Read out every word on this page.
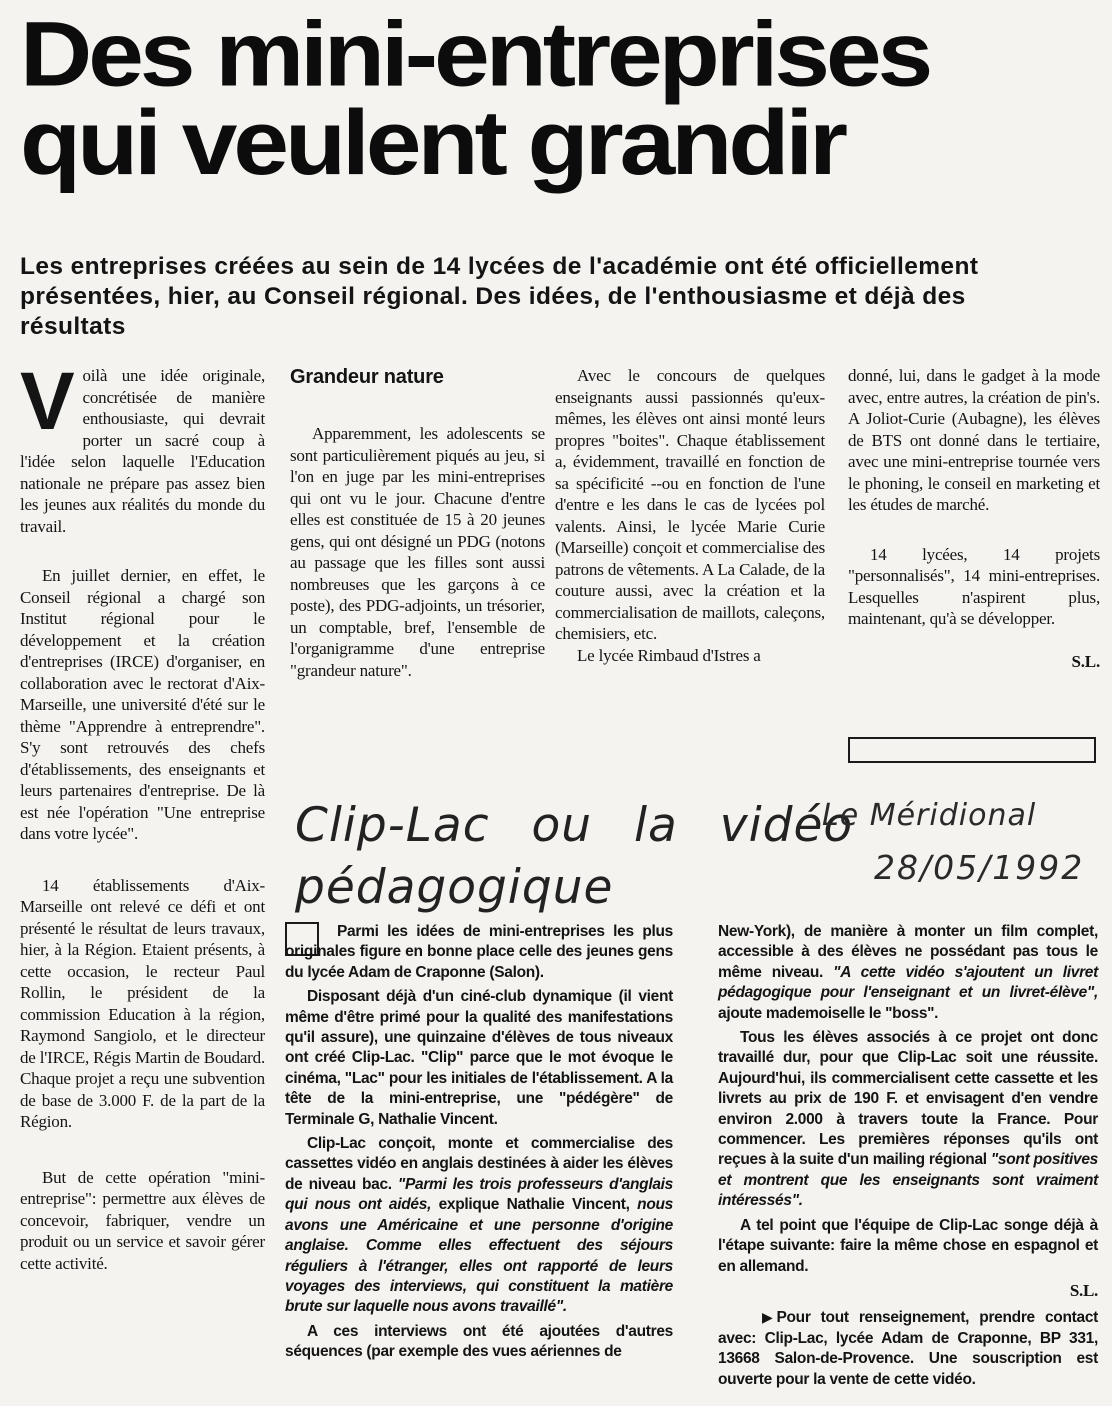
Des mini-entreprises
qui veulent grandir

Les entreprises créées au sein de 14 lycées de l'académie ont été officiellement présentées, hier, au Conseil régional. Des idées, de l'enthousiasme et déjà des résultats

Voilà une idée originale, concrétisée de manière enthousiaste, qui devrait porter un sacré coup à l'idée selon laquelle l'Education nationale ne prépare pas assez bien les jeunes aux réalités du monde du travail.

En juillet dernier, en effet, le Conseil régional a chargé son Institut régional pour le développement et la création d'entreprises (IRCE) d'organiser, en collaboration avec le rectorat d'Aix-Marseille, une université d'été sur le thème "Apprendre à entreprendre". S'y sont retrouvés des chefs d'établissements, des enseignants et leurs partenaires d'entreprise. De là est née l'opération "Une entreprise dans votre lycée".

14 établissements d'Aix-Marseille ont relevé ce défi et ont présenté le résultat de leurs travaux, hier, à la Région. Etaient présents, à cette occasion, le recteur Paul Rollin, le président de la commission Education à la région, Raymond Sangiolo, et le directeur de l'IRCE, Régis Martin de Boudard. Chaque projet a reçu une subvention de base de 3.000 F. de la part de la Région.

But de cette opération "mini-entreprise": permettre aux élèves de concevoir, fabriquer, vendre un produit ou un service et savoir gérer cette activité.

Grandeur nature

Apparemment, les adolescents se sont particulièrement piqués au jeu, si l'on en juge par les mini-entreprises qui ont vu le jour. Chacune d'entre elles est constituée de 15 à 20 jeunes gens, qui ont désigné un PDG (notons au passage que les filles sont aussi nombreuses que les garçons à ce poste), des PDG-adjoints, un trésorier, un comptable, bref, l'ensemble de l'organigramme d'une entreprise "grandeur nature".

Avec le concours de quelques enseignants aussi passionnés qu'eux-mêmes, les élèves ont ainsi monté leurs propres "boites". Chaque établissement a, évidemment, travaillé en fonction de sa spécificité --ou en fonction de l'une d'entre e les dans le cas de lycées pol valents. Ainsi, le lycée Marie Curie (Marseille) conçoit et commercialise des patrons de vêtements. A La Calade, de la couture aussi, avec la création et la commercialisation de maillots, caleçons, chemisiers, etc.

Le lycée Rimbaud d'Istres a

donné, lui, dans le gadget à la mode avec, entre autres, la création de pin's. A Joliot-Curie (Aubagne), les élèves de BTS ont donné dans le tertiaire, avec une mini-entreprise tournée vers le phoning, le conseil en marketing et les études de marché.

14 lycées, 14 projets "personnalisés", 14 mini-entreprises. Lesquelles n'aspirent plus, maintenant, qu'à se développer.

S.L.
Clip-Lac ou la vidéo
pédagogique
Le Méridional
28/05/1992

Parmi les idées de mini-entreprises les plus originales figure en bonne place celle des jeunes gens du lycée Adam de Craponne (Salon).

Disposant déjà d'un ciné-club dynamique (il vient même d'être primé pour la qualité des manifestations qu'il assure), une quinzaine d'élèves de tous niveaux ont créé Clip-Lac. "Clip" parce que le mot évoque le cinéma, "Lac" pour les initiales de l'établissement. A la tête de la mini-entreprise, une "pédégère" de Terminale G, Nathalie Vincent.

Clip-Lac conçoit, monte et commercialise des cassettes vidéo en anglais destinées à aider les élèves de niveau bac. "Parmi les trois professeurs d'anglais qui nous ont aidés, explique Nathalie Vincent, nous avons une Américaine et une personne d'origine anglaise. Comme elles effectuent des séjours réguliers à l'étranger, elles ont rapporté de leurs voyages des interviews, qui constituent la matière brute sur laquelle nous avons travaillé".

A ces interviews ont été ajoutées d'autres séquences (par exemple des vues aériennes de

New-York), de manière à monter un film complet, accessible à des élèves ne possédant pas tous le même niveau. "A cette vidéo s'ajoutent un livret pédagogique pour l'enseignant et un livret-élève", ajoute mademoiselle le "boss".

Tous les élèves associés à ce projet ont donc travaillé dur, pour que Clip-Lac soit une réussite. Aujourd'hui, ils commercialisent cette cassette et les livrets au prix de 190 F. et envisagent d'en vendre environ 2.000 à travers toute la France. Pour commencer. Les premières réponses qu'ils ont reçues à la suite d'un mailing régional "sont positives et montrent que les enseignants sont vraiment intéressés".

A tel point que l'équipe de Clip-Lac songe déjà à l'étape suivante: faire la même chose en espagnol et en allemand.

S.L.

▶ Pour tout renseignement, prendre contact avec: Clip-Lac, lycée Adam de Craponne, BP 331, 13668 Salon-de-Provence. Une souscription est ouverte pour la vente de cette vidéo.
